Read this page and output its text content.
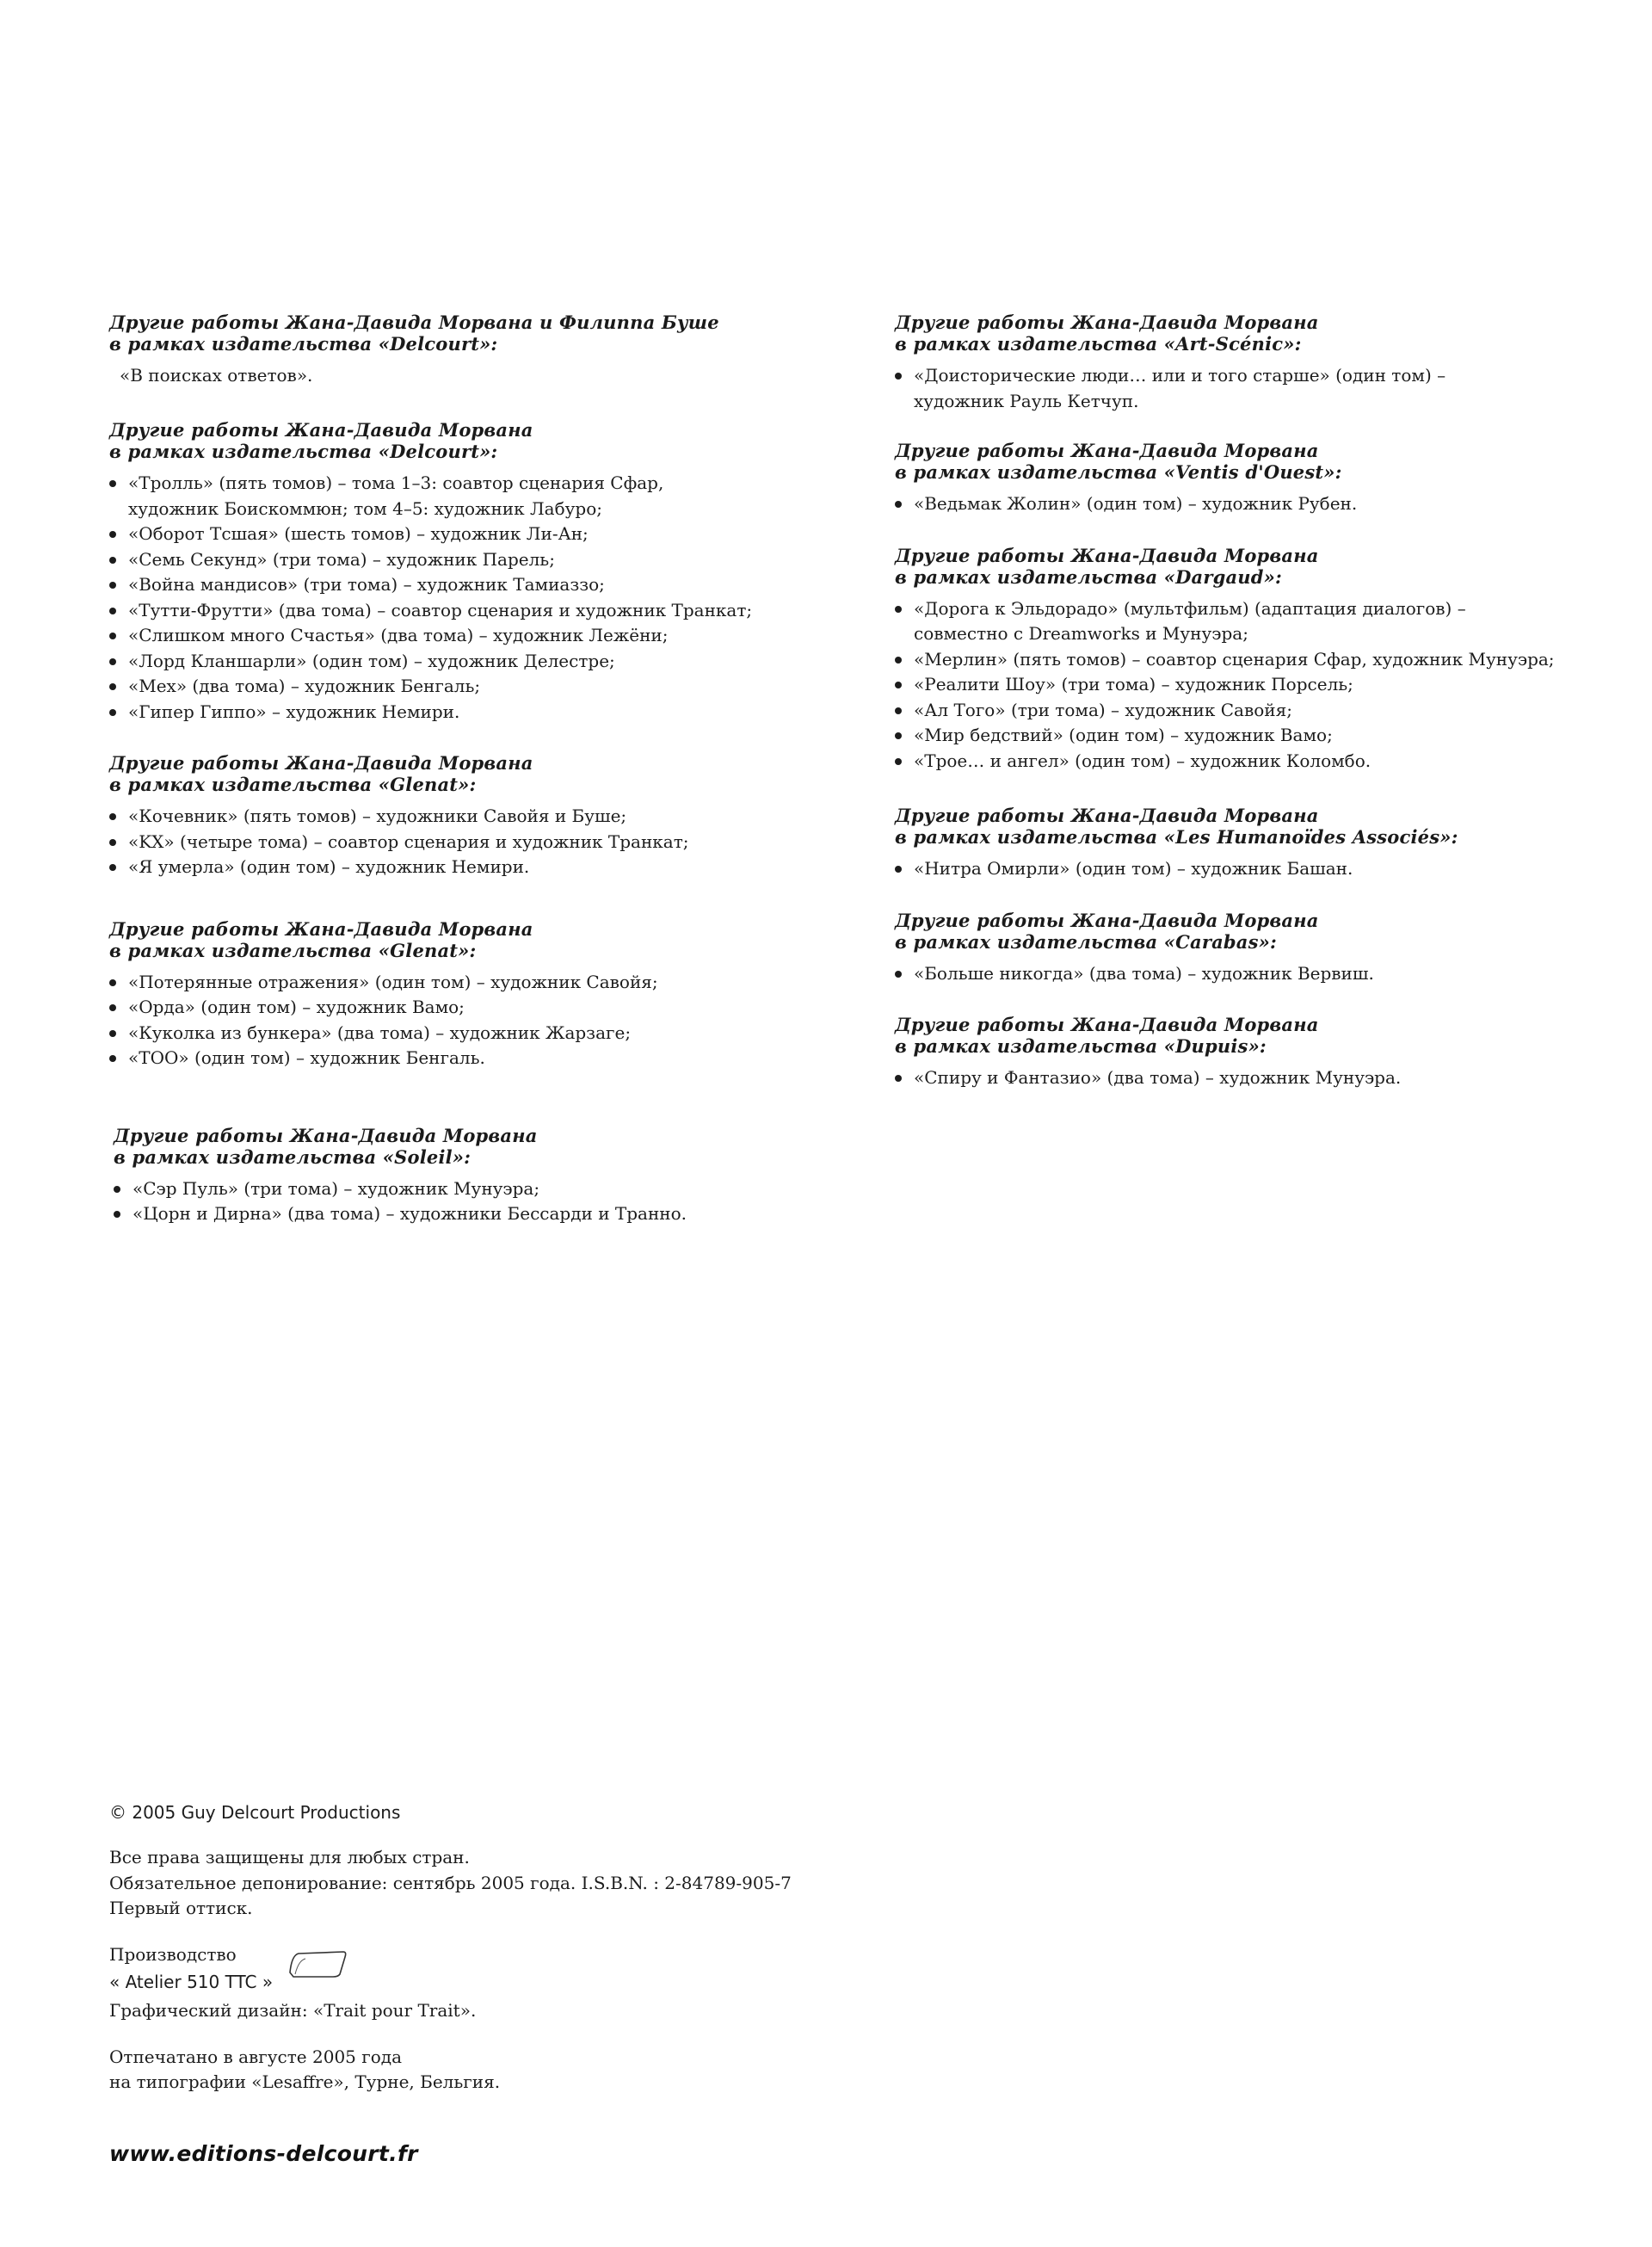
Другие работы Жана-Давида Морвана и Филиппа Буше
в рамках издательства «Delcourt»:
«В поисках ответов».
Другие работы Жана-Давида Морвана
в рамках издательства «Delcourt»:
«Тролль» (пять томов) – тома 1–3: соавтор сценария Сфар,
художник Боискоммюн; том 4–5: художник Лабуро;
«Оборот Тсшая» (шесть томов) – художник Ли-Ан;
«Семь Секунд» (три тома) – художник Парель;
«Война мандисов» (три тома) – художник Тамиаззо;
«Тутти-Фрутти» (два тома) – соавтор сценария и художник Транкат;
«Слишком много Счастья» (два тома) – художник Лежёни;
«Лорд Кланшарли» (один том) – художник Делестре;
«Мех» (два тома) – художник Бенгаль;
«Гипер Гиппо» – художник Немири.
Другие работы Жана-Давида Морвана
в рамках издательства «Glenat»:
«Кочевник» (пять томов) – художники Савойя и Буше;
«KX» (четыре тома) – соавтор сценария и художник Транкат;
«Я умерла» (один том) – художник Немири.
Другие работы Жана-Давида Морвана
в рамках издательства «Glenat»:
«Потерянные отражения» (один том) – художник Савойя;
«Орда» (один том) – художник Вамо;
«Куколка из бункера» (два тома) – художник Жарзаге;
«ТОО» (один том) – художник Бенгаль.
Другие работы Жана-Давида Морвана
в рамках издательства «Soleil»:
«Сэр Пуль» (три тома) – художник Мунуэра;
«Цорн и Дирна» (два тома) – художники Бессарди и Транно.
Другие работы Жана-Давида Морвана
в рамках издательства «Art-Scénic»:
«Доисторические люди… или и того старше» (один том) –
художник Рауль Кетчуп.
Другие работы Жана-Давида Морвана
в рамках издательства «Ventis d'Ouest»:
«Ведьмак Жолин» (один том) – художник Рубен.
Другие работы Жана-Давида Морвана
в рамках издательства «Dargaud»:
«Дорога к Эльдорадо» (мультфильм) (адаптация диалогов) –
совместно с Dreamworks и Мунуэра;
«Мерлин» (пять томов) – соавтор сценария Сфар, художник Мунуэра;
«Реалити Шоу» (три тома) – художник Порсель;
«Ал Того» (три тома) – художник Савойя;
«Мир бедствий» (один том) – художник Вамо;
«Трое… и ангел» (один том) – художник Коломбо.
Другие работы Жана-Давида Морвана
в рамках издательства «Les Humanoïdes Associés»:
«Нитра Омирли» (один том) – художник Башан.
Другие работы Жана-Давида Морвана
в рамках издательства «Carabas»:
«Больше никогда» (два тома) – художник Вервиш.
Другие работы Жана-Давида Морвана
в рамках издательства «Dupuis»:
«Спиру и Фантазио» (два тома) – художник Мунуэра.
© 2005 Guy Delcourt Productions
Все права защищены для любых стран.
Обязательное депонирование: сентябрь 2005 года. I.S.B.N. : 2-84789-905-7
Первый оттиск.
Производство
« Atelier 510 TTC »
Графический дизайн: «Trait pour Trait».
Отпечатано в августе 2005 года
на типографии «Lesaffre», Турне, Бельгия.
www.editions-delcourt.fr
